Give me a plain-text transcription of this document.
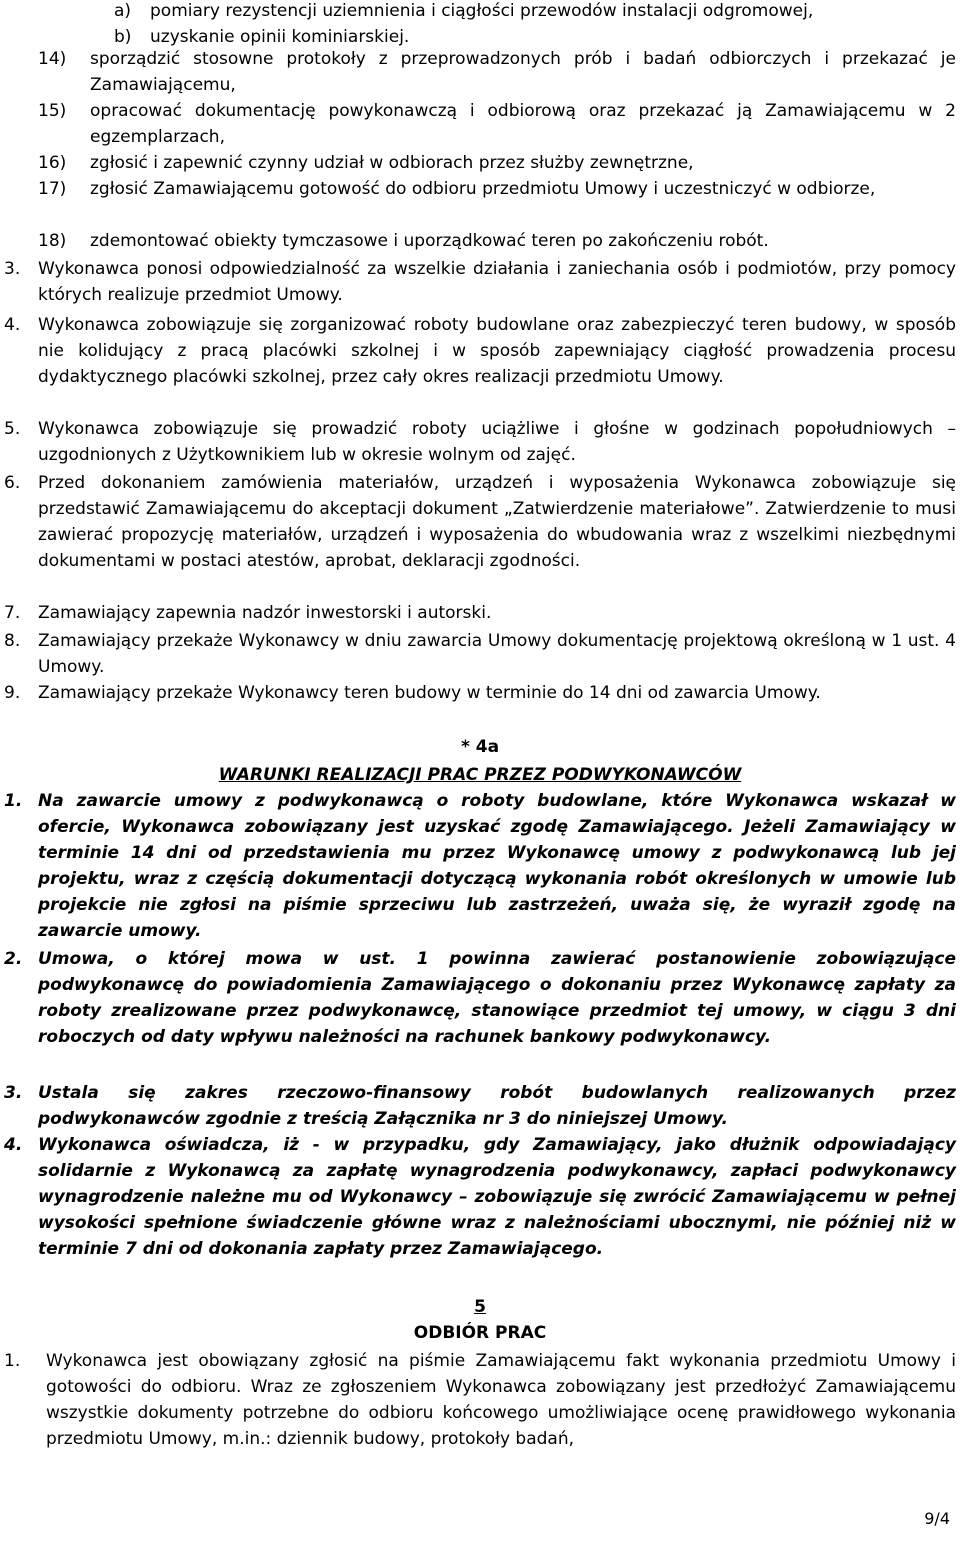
a)	pomiary rezystencji uziemnienia i ciągłości przewodów instalacji odgromowej,
b)	uzyskanie opinii kominiarskiej.
14)	sporządzić stosowne protokoły z przeprowadzonych prób i badań odbiorczych i przekazać je Zamawiającemu,
15)	opracować dokumentację powykonawczą i odbiorową oraz przekazać ją Zamawiającemu w 2 egzemplarzach,
16)	zgłosić i zapewnić czynny udział w odbiorach przez służby zewnętrzne,
17)	zgłosić Zamawiającemu gotowość do odbioru przedmiotu Umowy i uczestniczyć w odbiorze,
18)	zdemontować obiekty tymczasowe i uporządkować teren po zakończeniu robót.
3.	Wykonawca ponosi odpowiedzialność za wszelkie działania i zaniechania osób i podmiotów, przy pomocy których realizuje przedmiot Umowy.
4.	Wykonawca zobowiązuje się zorganizować roboty budowlane oraz zabezpieczyć teren budowy, w sposób nie kolidujący z pracą placówki szkolnej i w sposób zapewniający ciągłość prowadzenia procesu dydaktycznego placówki szkolnej, przez cały okres realizacji przedmiotu Umowy.
5.	Wykonawca zobowiązuje się prowadzić roboty uciążliwe i głośne w godzinach popołudniowych – uzgodnionych z Użytkownikiem lub w okresie wolnym od zajęć.
6.	Przed dokonaniem zamówienia materiałów, urządzeń i wyposażenia Wykonawca zobowiązuje się przedstawić Zamawiającemu do akceptacji dokument „Zatwierdzenie materiałowe”. Zatwierdzenie to musi zawierać propozycję materiałów, urządzeń i wyposażenia do wbudowania wraz z wszelkimi niezbędnymi dokumentami w postaci atestów, aprobat, deklaracji zgodności.
7.	Zamawiający zapewnia nadzór inwestorski i autorski.
8.	Zamawiający przekaże Wykonawcy w dniu zawarcia Umowy dokumentację projektową określoną w 1 ust. 4 Umowy.
9.	Zamawiający przekaże Wykonawcy teren budowy w terminie do 14 dni od zawarcia Umowy.
* 4a
WARUNKI REALIZACJI PRAC PRZEZ PODWYKONAWCÓW
1. Na zawarcie umowy z podwykonawcą o roboty budowlane, które Wykonawca wskazał w ofercie, Wykonawca zobowiązany jest uzyskać zgodę Zamawiającego. Jeżeli Zamawiający w terminie 14 dni od przedstawienia mu przez Wykonawcę umowy z podwykonawcą lub jej projektu, wraz z częścią dokumentacji dotyczącą wykonania robót określonych w umowie lub projekcie nie zgłosi na piśmie sprzeciwu lub zastrzeżeń, uważa się, że wyraził zgodę na zawarcie umowy.
2. Umowa, o której mowa w ust. 1 powinna zawierać postanowienie zobowiązujące podwykonawcę do powiadomienia Zamawiającego o dokonaniu przez Wykonawcę zapłaty za roboty zrealizowane przez podwykonawcę, stanowiące przedmiot tej umowy, w ciągu 3 dni roboczych od daty wpływu należności na rachunek bankowy podwykonawcy.
3. Ustala się zakres rzeczowo-finansowy robót budowlanych realizowanych przez podwykonawców zgodnie z treścią Załącznika nr 3 do niniejszej Umowy.
4. Wykonawca oświadcza, iż - w przypadku, gdy Zamawiający, jako dłużnik odpowiadający solidarnie z Wykonawcą za zapłatę wynagrodzenia podwykonawcy, zapłaci podwykonawcy wynagrodzenie należne mu od Wykonawcy – zobowiązuje się zwrócić Zamawiającemu w pełnej wysokości spełnione świadczenie główne wraz z należnościami ubocznymi, nie później niż w terminie 7 dni od dokonania zapłaty przez Zamawiającego.
5
ODBIÓR PRAC
1.	Wykonawca jest obowiązany zgłosić na piśmie Zamawiającemu fakt wykonania przedmiotu Umowy i gotowości do odbioru. Wraz ze zgłoszeniem Wykonawca zobowiązany jest przedłożyć Zamawiającemu wszystkie dokumenty potrzebne do odbioru końcowego umożliwiające ocenę prawidłowego wykonania przedmiotu Umowy, m.in.: dziennik budowy, protokoły badań,
9/4
